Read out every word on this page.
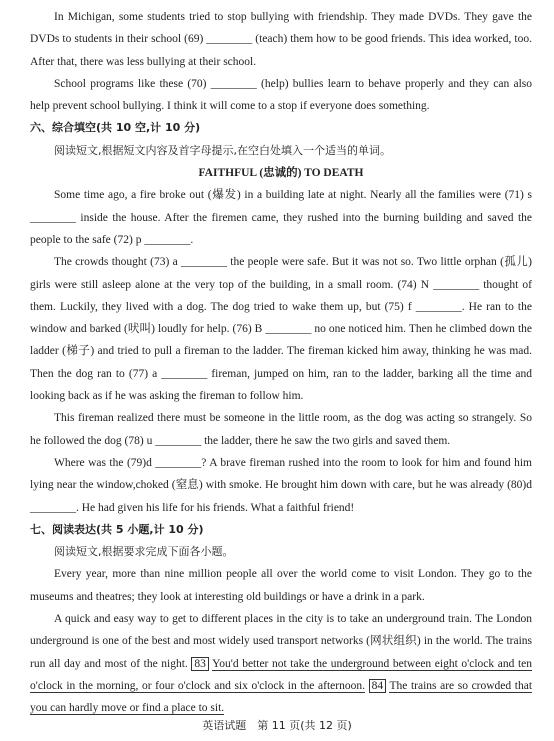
In Michigan, some students tried to stop bullying with friendship. They made DVDs. They gave the DVDs to students in their school (69) ________ (teach) them how to be good friends. This idea worked, too. After that, there was less bullying at their school.

School programs like these (70) ________ (help) bullies learn to behave properly and they can also help prevent school bullying. I think it will come to a stop if everyone does something.

六、综合填空(共 10 空,计 10 分)

阅读短文,根据短文内容及首字母提示,在空白处填入一个适当的单词。

FAITHFUL (忠诚的) TO DEATH

Some time ago, a fire broke out (爆发) in a building late at night. Nearly all the families were (71) s ________ inside the house. After the firemen came, they rushed into the burning building and saved the people to the safe (72) p ________.

The crowds thought (73) a ________ the people were safe. But it was not so. Two little orphan (孤儿) girls were still asleep alone at the very top of the building, in a small room. (74) N ________ thought of them. Luckily, they lived with a dog. The dog tried to wake them up, but (75) f ________. He ran to the window and barked (吠叫) loudly for help. (76) B ________ no one noticed him. Then he climbed down the ladder (梯子) and tried to pull a fireman to the ladder. The fireman kicked him away, thinking he was mad. Then the dog ran to (77) a ________ fireman, jumped on him, ran to the ladder, barking all the time and looking back as if he was asking the fireman to follow him.

This fireman realized there must be someone in the little room, as the dog was acting so strangely. So he followed the dog (78) u ________ the ladder, there he saw the two girls and saved them.

Where was the (79)d ________? A brave fireman rushed into the room to look for him and found him lying near the window,choked (窒息) with smoke. He brought him down with care, but he was already (80)d ________. He had given his life for his friends. What a faithful friend!

七、阅读表达(共 5 小题,计 10 分)

阅读短文,根据要求完成下面各小题。

Every year, more than nine million people all over the world come to visit London. They go to the museums and theatres; they look at interesting old buildings or have a drink in a park.

A quick and easy way to get to different places in the city is to take an underground train. The London underground is one of the best and most widely used transport networks (网状组织) in the world. The trains run all day and most of the night. 83 You'd better not take the underground between eight o'clock and ten o'clock in the morning, or four o'clock and six o'clock in the afternoon. 84 The trains are so crowded that you can hardly move or find a place to sit.

英语试题　第 11 页(共 12 页)
